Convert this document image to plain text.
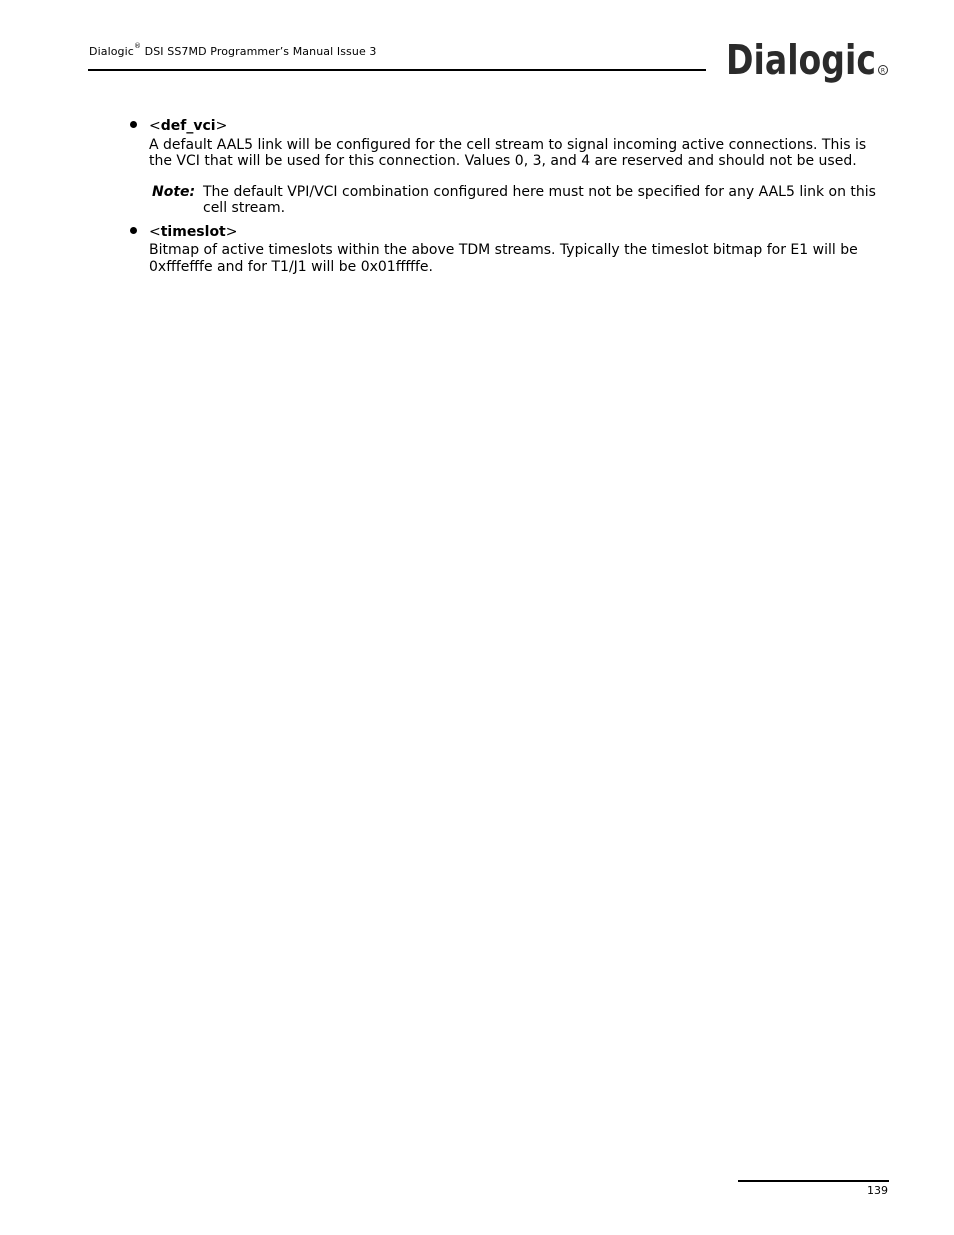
Dialogic® DSI SS7MD Programmer’s Manual Issue 3	Dialogic R

<def_vci>

A default AAL5 link will be configured for the cell stream to signal incoming active connections. This is the VCI that will be used for this connection. Values 0, 3, and 4 are reserved and should not be used.

Note: The default VPI/VCI combination configured here must not be specified for any AAL5 link on this cell stream.

<timeslot>

Bitmap of active timeslots within the above TDM streams. Typically the timeslot bitmap for E1 will be 0xfffefffe and for T1/J1 will be 0x01fffffe.

139
